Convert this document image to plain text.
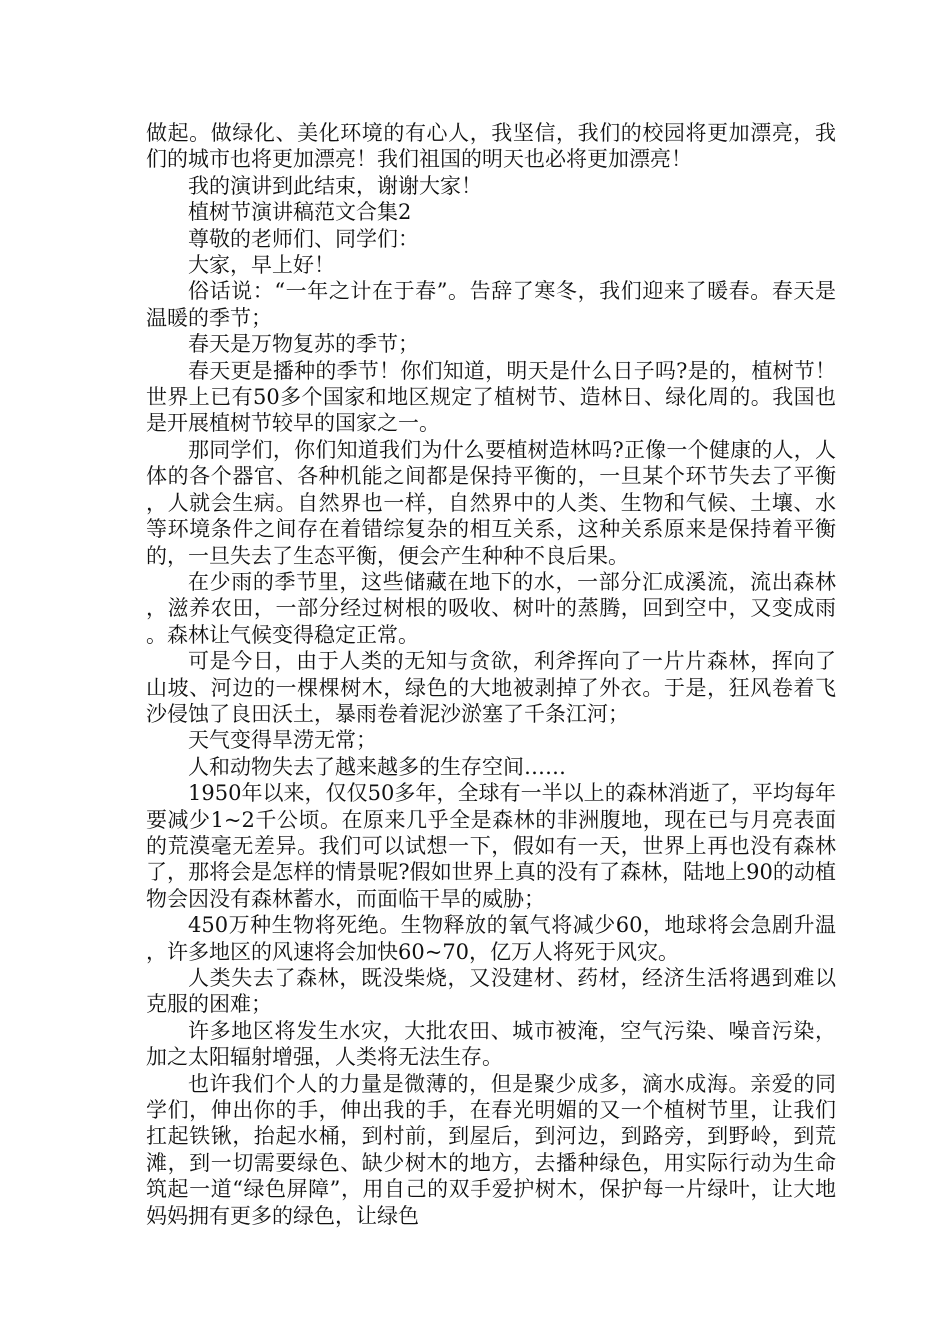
做起。做绿化、美化环境的有心人，我坚信，我们的校园将更加漂亮，我们的城市也将更加漂亮！我们祖国的明天也必将更加漂亮！

我的演讲到此结束，谢谢大家！

植树节演讲稿范文合集2

尊敬的老师们、同学们：

大家，早上好！

俗话说：“一年之计在于春”。告辞了寒冬，我们迎来了暖春。春天是温暖的季节；

春天是万物复苏的季节；

春天更是播种的季节！你们知道，明天是什么日子吗?是的，植树节！世界上已有50多个国家和地区规定了植树节、造林日、绿化周的。我国也是开展植树节较早的国家之一。

那同学们，你们知道我们为什么要植树造林吗?正像一个健康的人，人体的各个器官、各种机能之间都是保持平衡的，一旦某个环节失去了平衡，人就会生病。自然界也一样，自然界中的人类、生物和气候、土壤、水等环境条件之间存在着错综复杂的相互关系，这种关系原来是保持着平衡的，一旦失去了生态平衡，便会产生种种不良后果。

在少雨的季节里，这些储藏在地下的水，一部分汇成溪流，流出森林，滋养农田，一部分经过树根的吸收、树叶的蒸腾，回到空中，又变成雨。森林让气候变得稳定正常。

可是今日，由于人类的无知与贪欲，利斧挥向了一片片森林，挥向了山坡、河边的一棵棵树木，绿色的大地被剥掉了外衣。于是，狂风卷着飞沙侵蚀了良田沃土，暴雨卷着泥沙淤塞了千条江河；

天气变得旱涝无常；

人和动物失去了越来越多的生存空间……

1950年以来，仅仅50多年，全球有一半以上的森林消逝了，平均每年要减少1~2千公顷。在原来几乎全是森林的非洲腹地，现在已与月亮表面的荒漠毫无差异。我们可以试想一下，假如有一天，世界上再也没有森林了，那将会是怎样的情景呢?假如世界上真的没有了森林，陆地上90的动植物会因没有森林蓄水，而面临干旱的威胁；

450万种生物将死绝。生物释放的氧气将减少60，地球将会急剧升温，许多地区的风速将会加快60~70，亿万人将死于风灾。

人类失去了森林，既没柴烧，又没建材、药材，经济生活将遇到难以克服的困难；

许多地区将发生水灾，大批农田、城市被淹，空气污染、噪音污染，加之太阳辐射增强，人类将无法生存。

也许我们个人的力量是微薄的，但是聚少成多，滴水成海。亲爱的同学们，伸出你的手，伸出我的手，在春光明媚的又一个植树节里，让我们扛起铁锹，抬起水桶，到村前，到屋后，到河边，到路旁，到野岭，到荒滩，到一切需要绿色、缺少树木的地方，去播种绿色，用实际行动为生命筑起一道“绿色屏障”，用自己的双手爱护树木，保护每一片绿叶，让大地妈妈拥有更多的绿色，让绿色
